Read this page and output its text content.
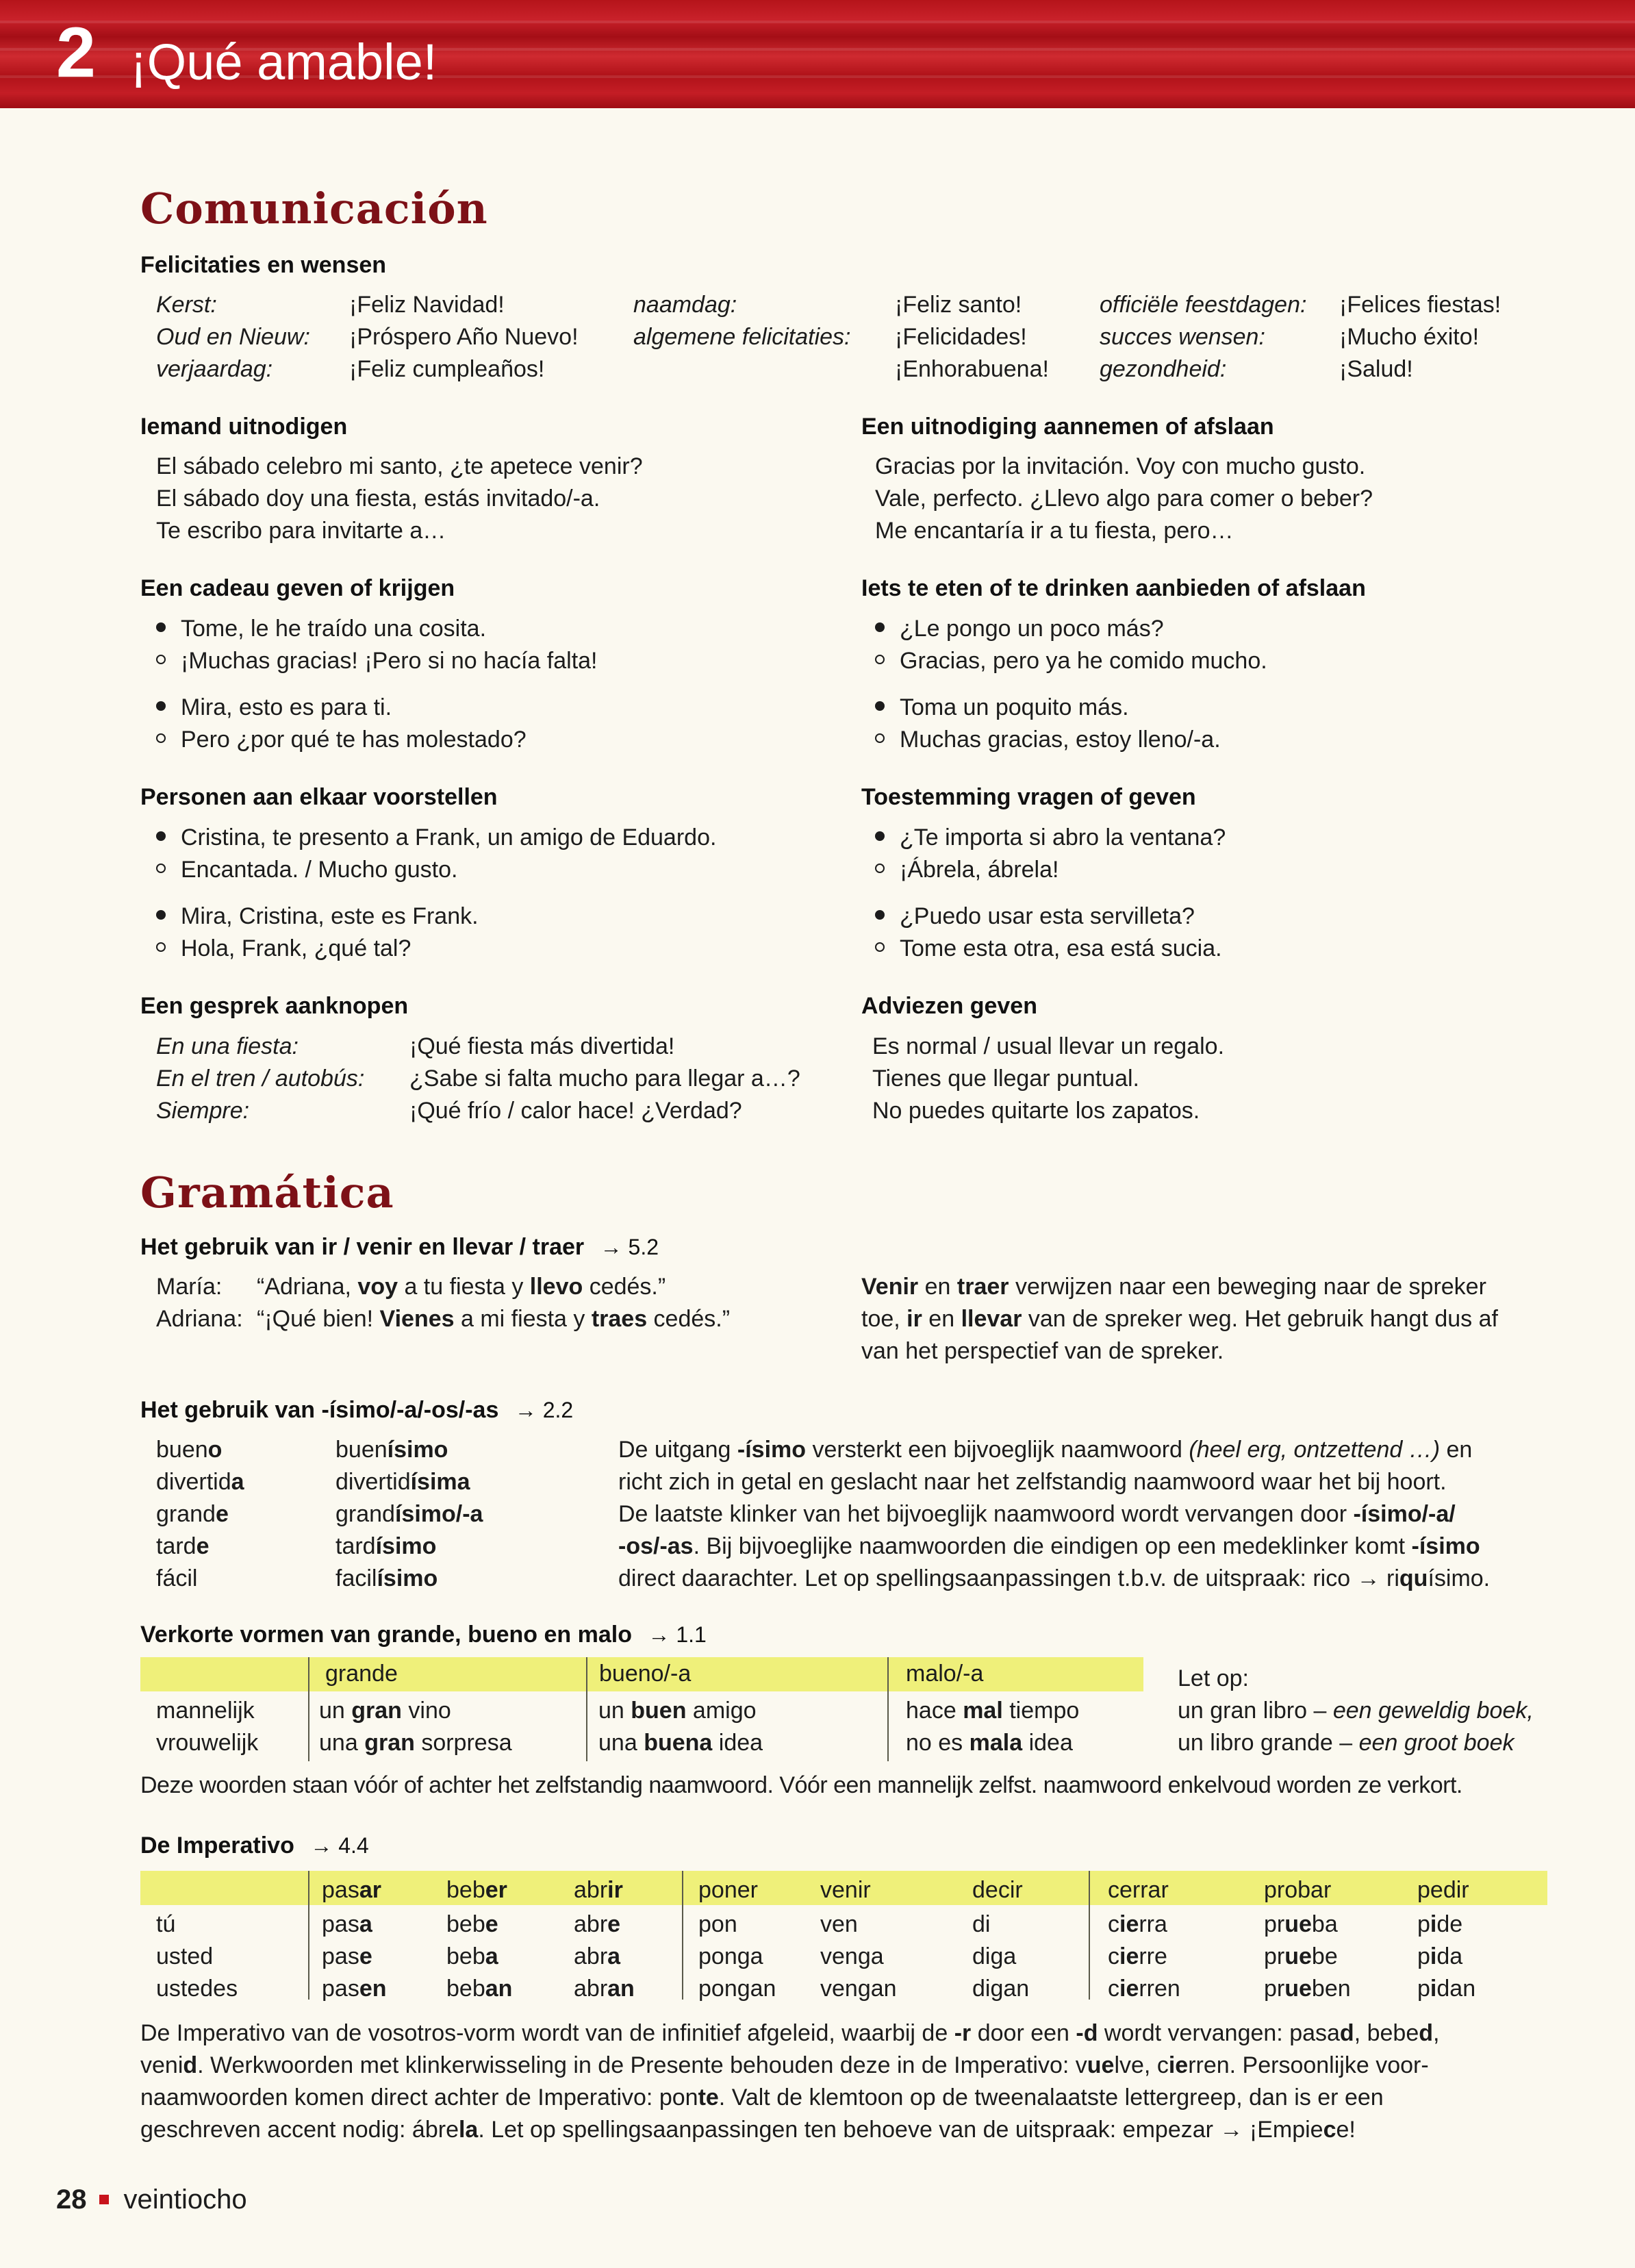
2 ¡Qué amable!
Comunicación
Felicitaties en wensen
Kerst:
Oud en Nieuw:
verjaardag:
¡Feliz Navidad!
¡Próspero Año Nuevo!
¡Feliz cumpleaños!
naamdag:
algemene felicitaties:
¡Feliz santo!
¡Felicidades!
¡Enhorabuena!
officiële feestdagen:
succes wensen:
gezondheid:
¡Felices fiestas!
¡Mucho éxito!
¡Salud!
Iemand uitnodigen
El sábado celebro mi santo, ¿te apetece venir?
El sábado doy una fiesta, estás invitado/-a.
Te escribo para invitarte a…
Een uitnodiging aannemen of afslaan
Gracias por la invitación. Voy con mucho gusto.
Vale, perfecto. ¿Llevo algo para comer o beber?
Me encantaría ir a tu fiesta, pero…
Een cadeau geven of krijgen
Tome, le he traído una cosita.
¡Muchas gracias! ¡Pero si no hacía falta!
Mira, esto es para ti.
Pero ¿por qué te has molestado?
Iets te eten of te drinken aanbieden of afslaan
¿Le pongo un poco más?
Gracias, pero ya he comido mucho.
Toma un poquito más.
Muchas gracias, estoy lleno/-a.
Personen aan elkaar voorstellen
Cristina, te presento a Frank, un amigo de Eduardo.
Encantada. / Mucho gusto.
Mira, Cristina, este es Frank.
Hola, Frank, ¿qué tal?
Toestemming vragen of geven
¿Te importa si abro la ventana?
¡Ábrela, ábrela!
¿Puedo usar esta servilleta?
Tome esta otra, esa está sucia.
Een gesprek aanknopen
En una fiesta:
En el tren / autobús:
Siempre:
¡Qué fiesta más divertida!
¿Sabe si falta mucho para llegar a…?
¡Qué frío / calor hace! ¿Verdad?
Adviezen geven
Es normal / usual llevar un regalo.
Tienes que llegar puntual.
No puedes quitarte los zapatos.
Gramática
Het gebruik van ir / venir en llevar / traer → 5.2
María:
Adriana:
“Adriana, voy a tu fiesta y llevo cedés.”
“¡Qué bien! Vienes a mi fiesta y traes cedés.”
Venir en traer verwijzen naar een beweging naar de spreker
toe, ir en llevar van de spreker weg. Het gebruik hangt dus af
van het perspectief van de spreker.
Het gebruik van -ísimo/-a/-os/-as → 2.2
bueno
divertida
grande
tarde
fácil
buenísimo
divertidísima
grandísimo/-a
tardísimo
facilísimo
De uitgang -ísimo versterkt een bijvoeglijk naamwoord (heel erg, ontzettend …) en
richt zich in getal en geslacht naar het zelfstandig naamwoord waar het bij hoort.
De laatste klinker van het bijvoeglijk naamwoord wordt vervangen door -ísimo/-a/
-os/-as. Bij bijvoeglijke naamwoorden die eindigen op een medeklinker komt -ísimo
direct daarachter. Let op spellingsaanpassingen t.b.v. de uitspraak: rico → riquísimo.
Verkorte vormen van grande, bueno en malo → 1.1
grande	bueno/-a	malo/-a
mannelijk
vrouwelijk
un gran vino
una gran sorpresa
un buen amigo
una buena idea
hace mal tiempo
no es mala idea
Let op:
un gran libro – een geweldig boek,
un libro grande – een groot boek
Deze woorden staan vóór of achter het zelfstandig naamwoord. Vóór een mannelijk zelfst. naamwoord enkelvoud worden ze verkort.
De Imperativo → 4.4
tú
usted
ustedes
pasar
pasa
pase
pasen
beber
bebe
beba
beban
abrir
abre
abra
abran
poner
pon
ponga
pongan
venir
ven
venga
vengan
decir
di
diga
digan
cerrar
cierra
cierre
cierren
probar
prueba
pruebe
prueben
pedir
pide
pida
pidan
De Imperativo van de vosotros-vorm wordt van de infinitief afgeleid, waarbij de -r door een -d wordt vervangen: pasad, bebed,
venid. Werkwoorden met klinkerwisseling in de Presente behouden deze in de Imperativo: vuelve, cierren. Persoonlijke voor-
naamwoorden komen direct achter de Imperativo: ponte. Valt de klemtoon op de tweenalaatste lettergreep, dan is er een
geschreven accent nodig: ábrela. Let op spellingsaanpassingen ten behoeve van de uitspraak: empezar → ¡Empiece!
28 veintiocho
